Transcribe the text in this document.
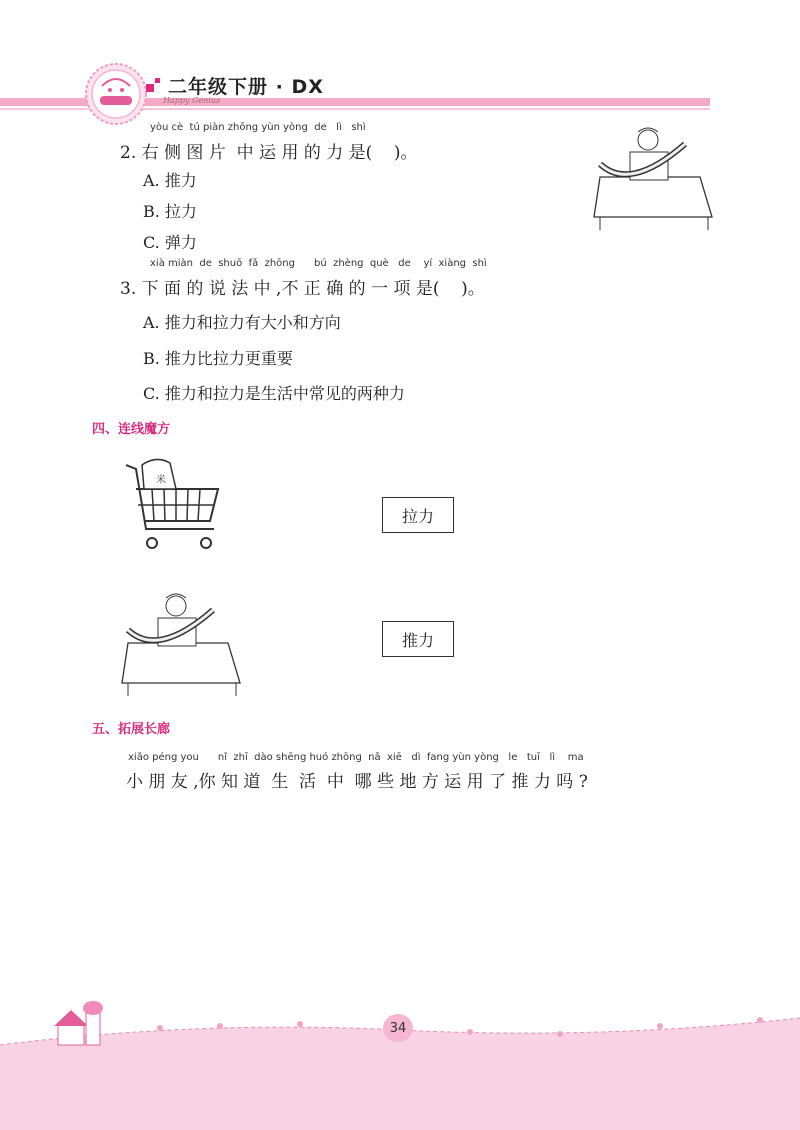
二年级下册 · DX
Happy Genius
yòu cè  tú piàn zhōng yùn yòng  de   lì   shì
2. 右 侧 图 片  中 运 用 的 力 是(    )。
A. 推力
B. 拉力
C. 弹力
xià miàn  de  shuō  fǎ  zhōng      bú  zhèng  què   de    yí  xiàng  shì
3. 下 面 的 说 法 中 ,不 正 确 的 一 项 是(    )。
A. 推力和拉力有大小和方向
B. 推力比拉力更重要
C. 推力和拉力是生活中常见的两种力
四、连线魔方
米
拉力
推力
五、拓展长廊
xiǎo péng you      nǐ  zhī  dào shēng huó zhōng  nǎ  xiē   dì  fang yùn yòng   le   tuī   lì    ma
小 朋 友 ,你 知 道  生  活  中  哪 些 地 方 运 用 了 推 力 吗 ?
34
